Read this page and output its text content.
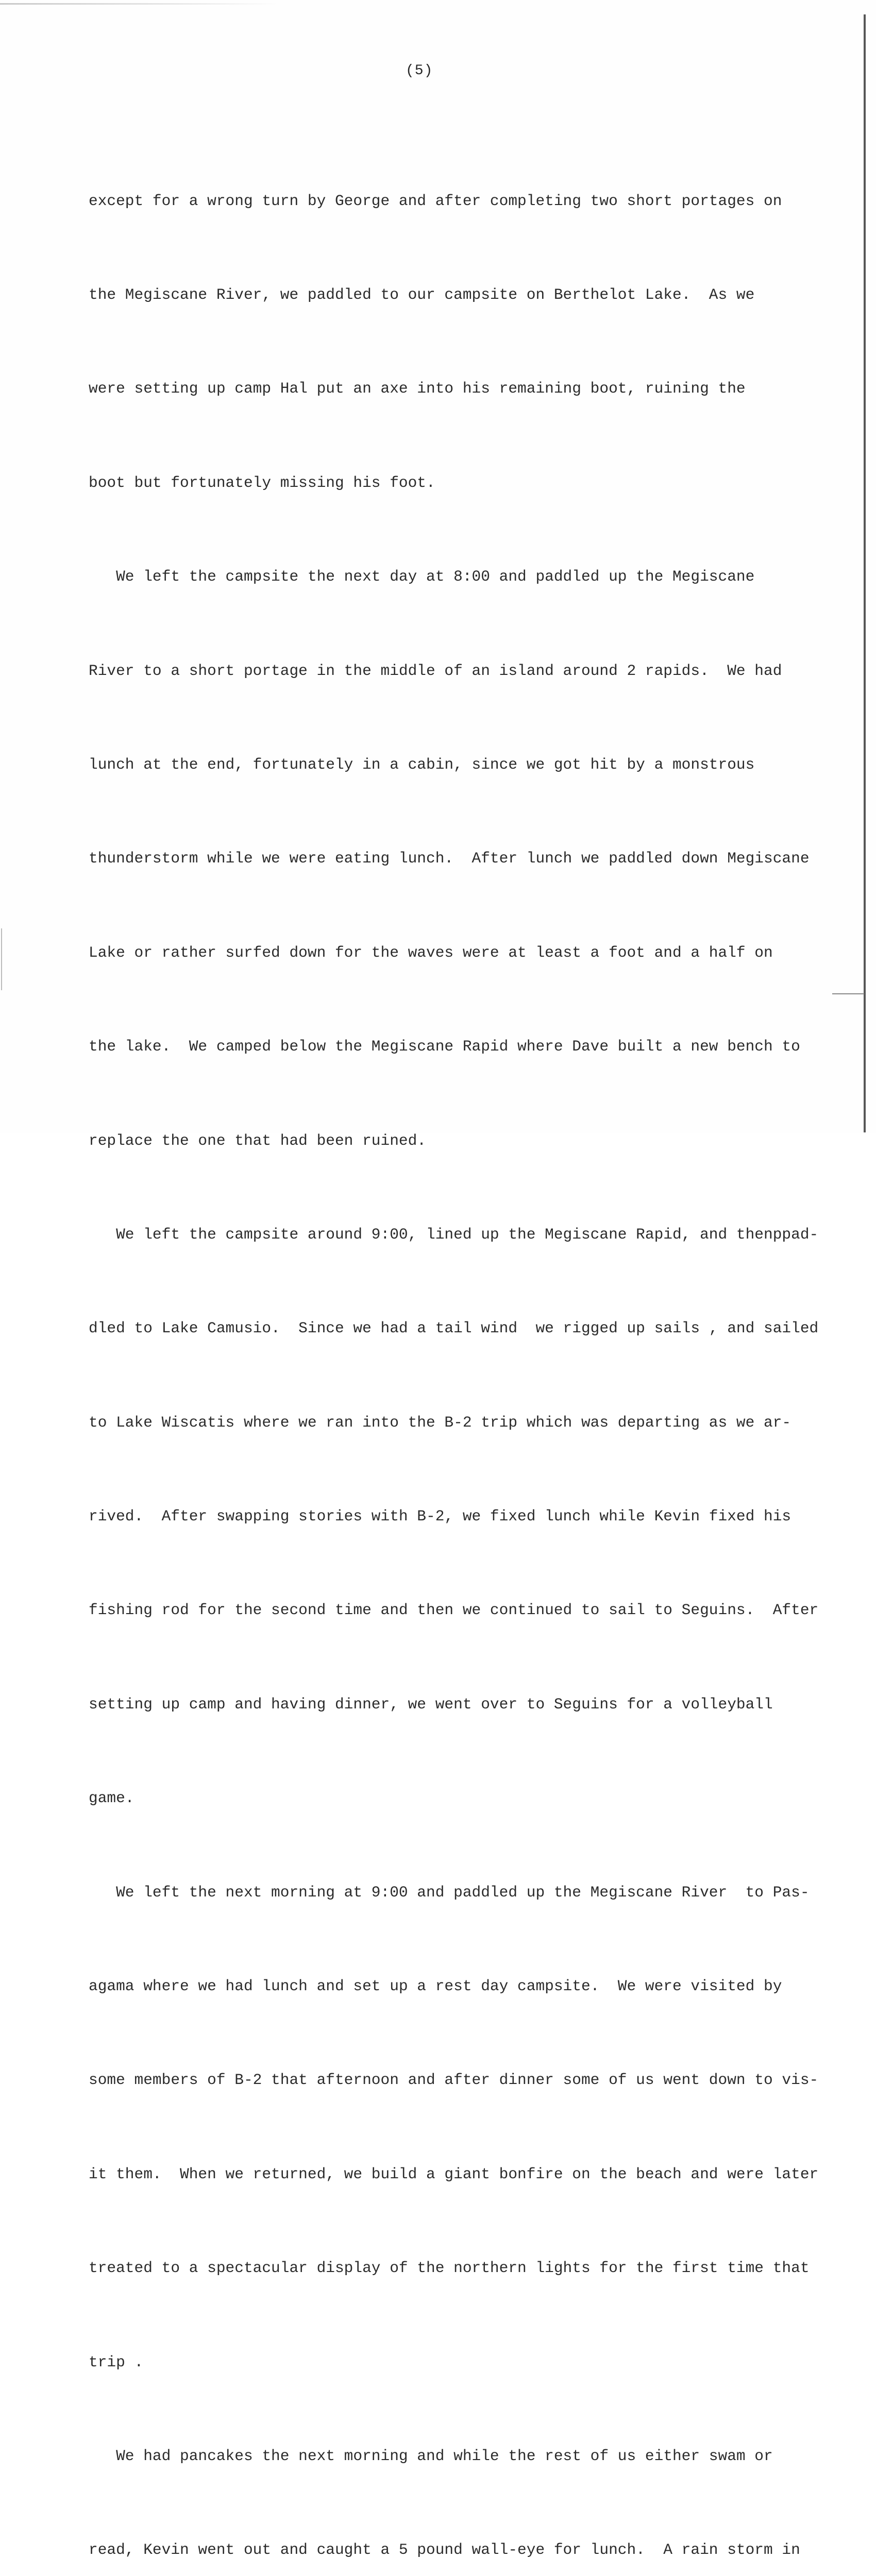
(5)

except for a wrong turn by George and after completing two short portages on

the Megiscane River, we paddled to our campsite on Berthelot Lake.  As we

were setting up camp Hal put an axe into his remaining boot, ruining the

boot but fortunately missing his foot.

We left the campsite the next day at 8:00 and paddled up the Megiscane

River to a short portage in the middle of an island around 2 rapids.  We had

lunch at the end, fortunately in a cabin, since we got hit by a monstrous

thunderstorm while we were eating lunch.  After lunch we paddled down Megiscane

Lake or rather surfed down for the waves were at least a foot and a half on

the lake.  We camped below the Megiscane Rapid where Dave built a new bench to

replace the one that had been ruined.

We left the campsite around 9:00, lined up the Megiscane Rapid, and thenppad-

dled to Lake Camusio.  Since we had a tail wind  we rigged up sails , and sailed

to Lake Wiscatis where we ran into the B-2 trip which was departing as we ar-

rived.  After swapping stories with B-2, we fixed lunch while Kevin fixed his

fishing rod for the second time and then we continued to sail to Seguins.  After

setting up camp and having dinner, we went over to Seguins for a volleyball

game.

We left the next morning at 9:00 and paddled up the Megiscane River  to Pas-

agama where we had lunch and set up a rest day campsite.  We were visited by

some members of B-2 that afternoon and after dinner some of us went down to vis-

it them.  When we returned, we build a giant bonfire on the beach and were later

treated to a spectacular display of the northern lights for the first time that

trip .

We had pancakes the next morning and while the rest of us either swam or

read, Kevin went out and caught a 5 pound wall-eye for lunch.  A rain storm in
